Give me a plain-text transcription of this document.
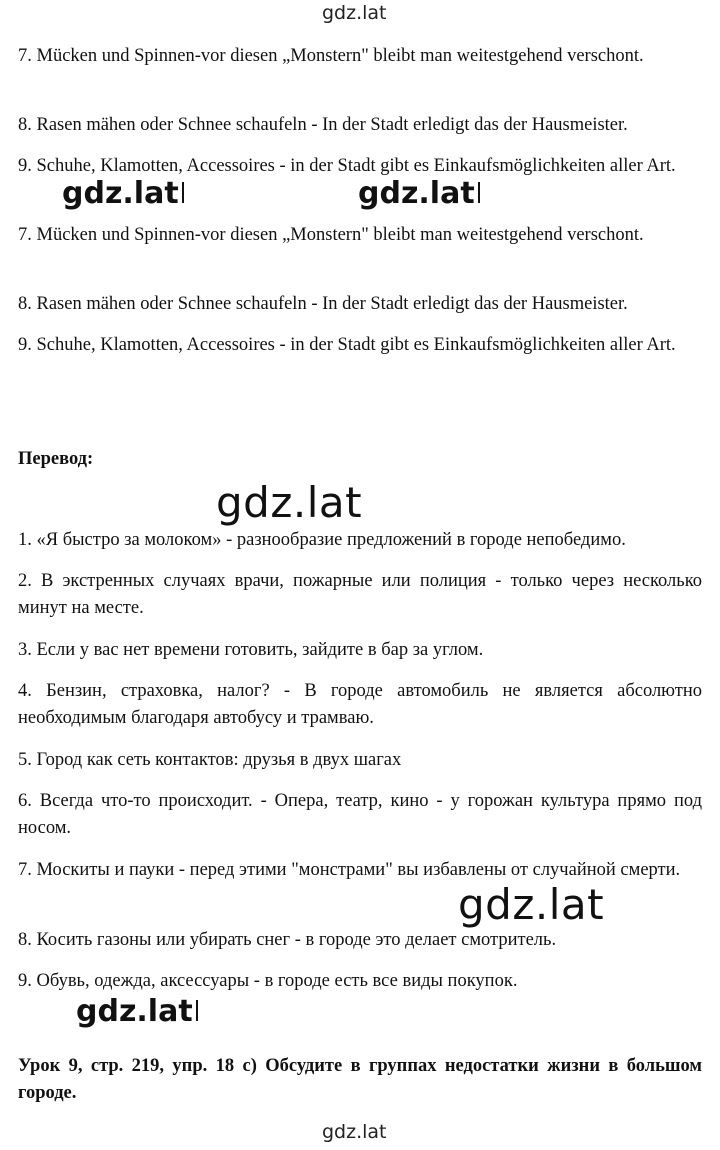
gdz.lat

7. Mücken und Spinnen-vor diesen „Monstern" bleibt man weitestgehend verschont.

8. Rasen mähen oder Schnee schaufeln - In der Stadt erledigt das der Hausmeister.

9. Schuhe, Klamotten, Accessoires - in der Stadt gibt es Einkaufsmöglichkeiten aller Art.

7. Mücken und Spinnen-vor diesen „Monstern" bleibt man weitestgehend verschont.

8. Rasen mähen oder Schnee schaufeln - In der Stadt erledigt das der Hausmeister.

9. Schuhe, Klamotten, Accessoires - in der Stadt gibt es Einkaufsmöglichkeiten aller Art.

gdz.lat	gdz.lat

Перевод:

gdz.lat

1. «Я быстро за молоком» - разнообразие предложений в городе непобедимо.

2. В экстренных случаях врачи, пожарные или полиция - только через несколько минут на месте.

3. Если у вас нет времени готовить, зайдите в бар за углом.

4. Бензин, страховка, налог? - В городе автомобиль не является абсолютно необходимым благодаря автобусу и трамваю.

5. Город как сеть контактов: друзья в двух шагах

6. Всегда что-то происходит. - Опера, театр, кино - у горожан культура прямо под носом.

7. Москиты и пауки - перед этими "монстрами" вы избавлены от случайной смерти.

8. Косить газоны или убирать снег - в городе это делает смотритель.

9. Обувь, одежда, аксессуары - в городе есть все виды покупок.

gdz.lat
gdz.lat

Урок 9, стр. 219, упр. 18 с) Обсудите в группах недостатки жизни в большом городе.

gdz.lat
